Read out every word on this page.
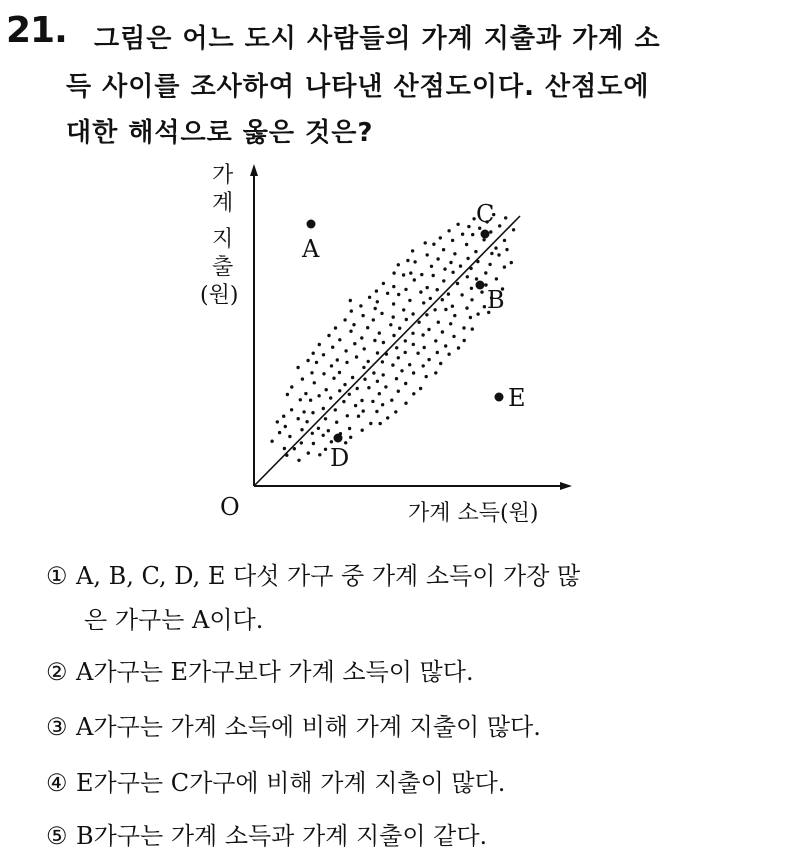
21. 그림은 어느 도시 사람들의 가계 지출과 가계 소
득 사이를 조사하여 나타낸 산점도이다. 산점도에
대한 해석으로 옳은 것은?
가
계
지
출
(원)
O	가계 소득(원)
A
C
B
D
E
① A, B, C, D, E 다섯 가구 중 가계 소득이 가장 많
은 가구는 A이다.
② A가구는 E가구보다 가계 소득이 많다.
③ A가구는 가계 소득에 비해 가계 지출이 많다.
④ E가구는 C가구에 비해 가계 지출이 많다.
⑤ B가구는 가계 소득과 가계 지출이 같다.
